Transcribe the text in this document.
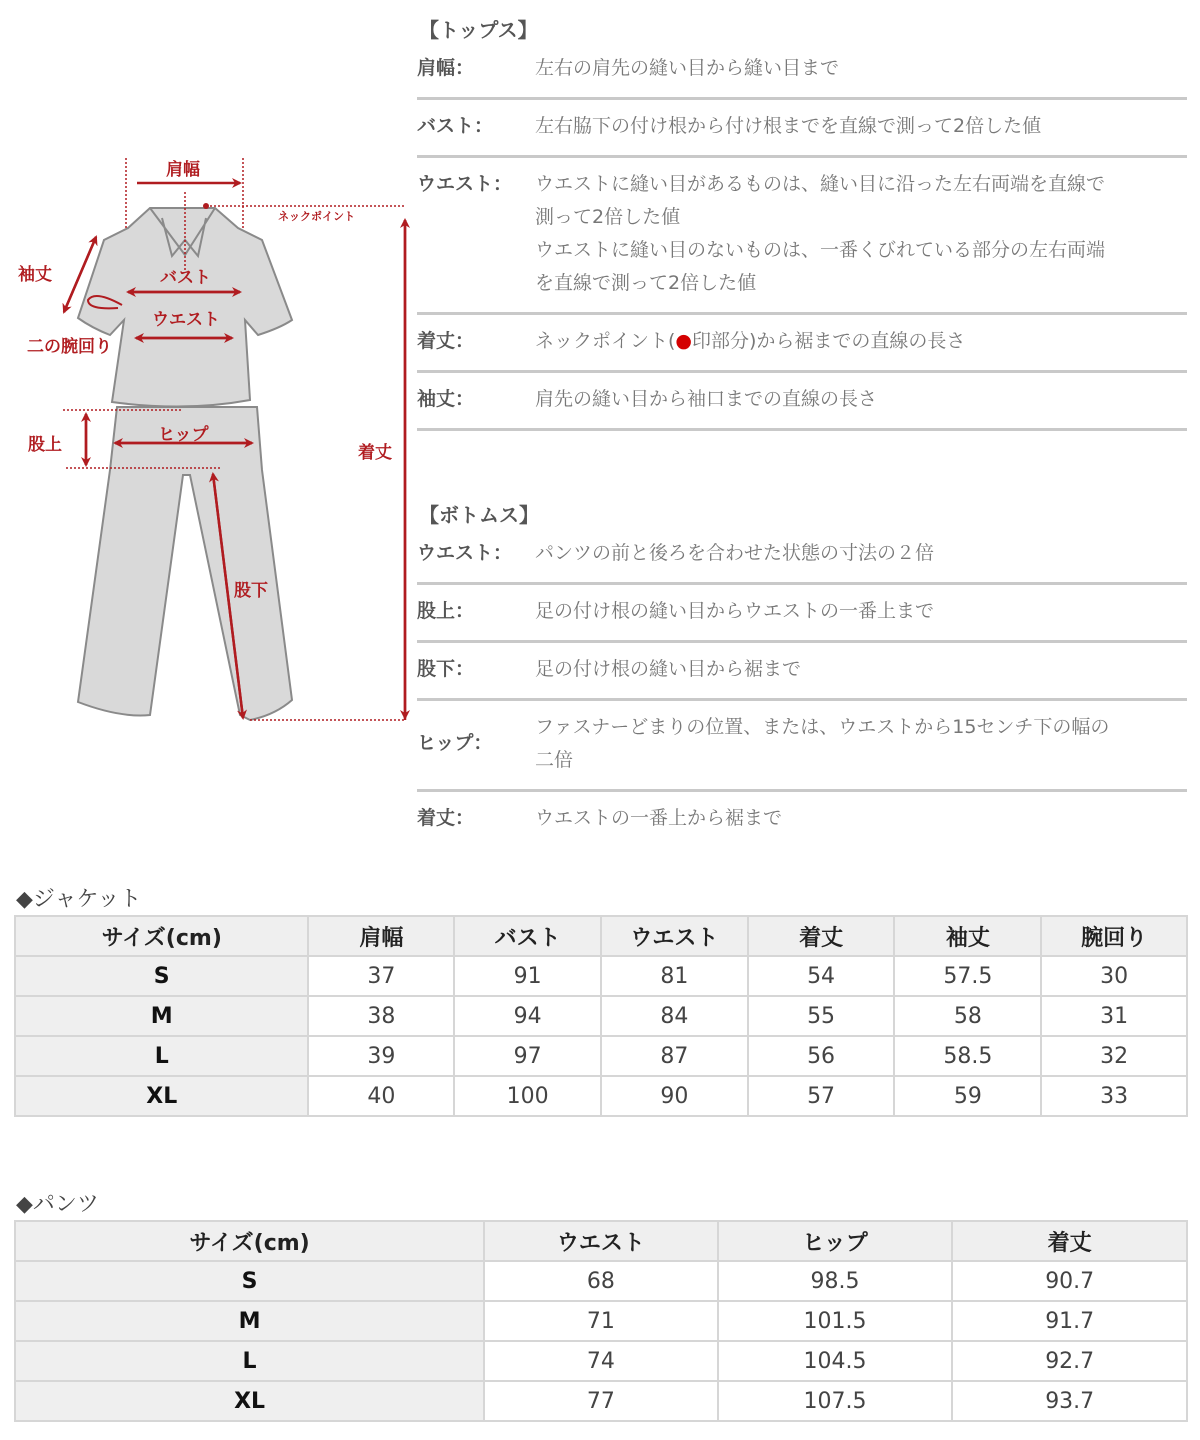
肩幅
ネックポイント
袖丈	バスト
ウエスト
二の腕回り
股上	ヒップ
着丈
股下
【トップス】
肩幅：	左右の肩先の縫い目から縫い目まで
バスト：	左右脇下の付け根から付け根までを直線で測って2倍した値
ウエスト：	ウエストに縫い目があるものは、縫い目に沿った左右両端を直線で
測って2倍した値
ウエストに縫い目のないものは、一番くびれている部分の左右両端
を直線で測って2倍した値
着丈：	ネックポイント(●印部分)から裾までの直線の長さ
袖丈：	肩先の縫い目から袖口までの直線の長さ
【ボトムス】
ウエスト：	パンツの前と後ろを合わせた状態の寸法の２倍
股上：	足の付け根の縫い目からウエストの一番上まで
股下：	足の付け根の縫い目から裾まで
ヒップ：
ファスナーどまりの位置、または、ウエストから15センチ下の幅の
二倍
着丈：	ウエストの一番上から裾まで
◆ジャケット
サイズ(cm)	肩幅	バスト	ウエスト	着丈	袖丈	腕回り
S	37	91	81	54	57.5	30
M	38	94	84	55	58	31
L	39	97	87	56	58.5	32
XL	40	100	90	57	59	33
◆パンツ
サイズ(cm)	ウエスト	ヒップ	着丈
S	68	98.5	90.7
M	71	101.5	91.7
L	74	104.5	92.7
XL	77	107.5	93.7
